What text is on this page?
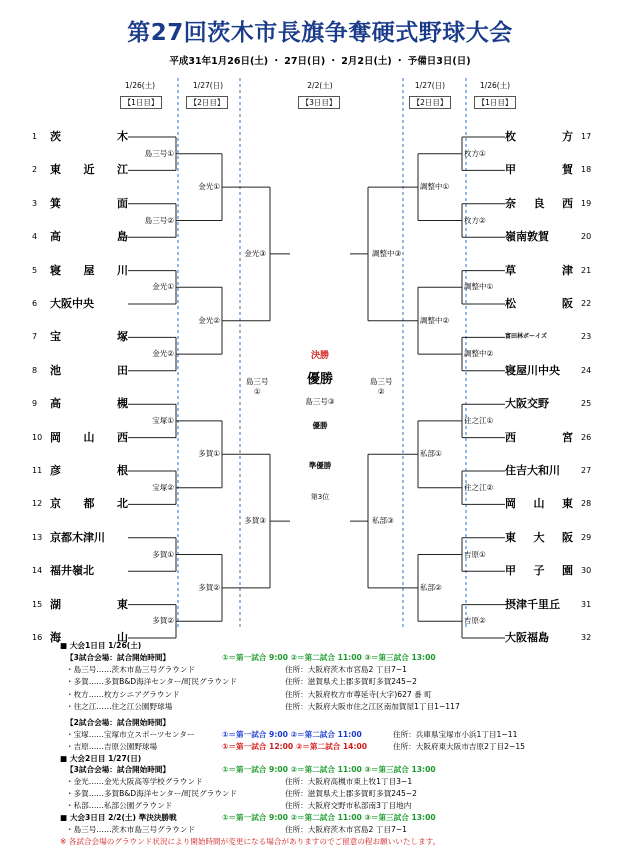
第27回茨木市長旗争奪硬式野球大会
平成31年1月26日(土) ・ 27日(日) ・ 2月2日(土) ・ 予備日3日(日)
1/26(土)
【1日目】
1/27(日)
【2日目】
2/2(土)
【3日目】
1/27(日)
【2日目】
1/26(土)
【1日目】
1	茨	木
2	東 近 江
3	箕	面
4	高	島
5	寝 屋 川
6	大阪中央
7	宝	塚
8	池	田
9	高	槻
10 岡 山 西
11 彦	根
12 京 都 北
13 京都木津川
14 福井嶺北
15 湖	東
16 海	山
枚	方 17
甲	賀 18
奈 良 西 19
嶺南敦賀	20
草	津 21
松	阪 22
富田林ボーイズ	23
寝屋川中央	24
大阪交野	25
西	宮 26
住吉大和川	27
岡 山 東 28
東 大 阪 29
甲 子 園 30
摂津千里丘	31
大阪福島	32
島三号①
島三号②
金光①
金光②
宝塚①
宝塚②
多賀①
多賀②
金光①
金光②
多賀①
多賀②
金光③
多賀③
島三号
①
枚方①
枚方②
調整中①
調整中②
住之江①
住之江②
吉原①
吉原②
調整中①
調整中②
私部①
私部②
調整中③
私部③
島三号
②
決勝
優勝
島三号③
優勝
準優勝
第3位
■ 大会1日目 1/26(土)
【3試合会場：試合開始時間】	①＝第一試合 9:00 ②＝第二試合 11:00 ③＝第三試合 13:00
・島三号……茨木市島三号グラウンド	住所：大阪府茨木市宮島2 丁目7−1
・多賀……多賀B&D海洋センター/町民グラウンド	住所：滋賀県犬上郡多賀町多賀245−2
・枚方……枚方シニアグラウンド	住所：大阪府枚方市尊延寺(大字)627 番 町
・住之江……住之江公園野球場	住所：大阪府大阪市住之江区南加賀屋1丁目1−117
【2試合会場：試合開始時間】
・宝塚……宝塚市立スポーツセンター	①＝第一試合 9:00 ②＝第二試合 11:00	住所：兵庫県宝塚市小浜1丁目1−11
・吉原……吉原公園野球場	①＝第一試合 12:00 ②＝第二試合 14:00	住所：大阪府東大阪市吉原2丁目2−15
■ 大会2日目 1/27(日)
【3試合会場：試合開始時間】	①＝第一試合 9:00 ②＝第二試合 11:00 ③＝第三試合 13:00
・金光……金光大阪高等学校グラウンド	住所：大阪府高槻市東上牧1丁目3−1
・多賀……多賀B&D海洋センター/町民グラウンド	住所：滋賀県犬上郡多賀町多賀245−2
・私部……私部公園グラウンド	住所：大阪府交野市私部南3丁目地内
■ 大会3日目 2/2(土) 準決決勝戦	①＝第一試合 9:00 ②＝第二試合 11:00 ③＝第三試合 13:00
・島三号……茨木市島三号グラウンド	住所：大阪府茨木市宮島2 丁目7−1
※ 各試合会場のグラウンド状況により開始時間が変更になる場合がありますのでご留意の程お願いいたします。
